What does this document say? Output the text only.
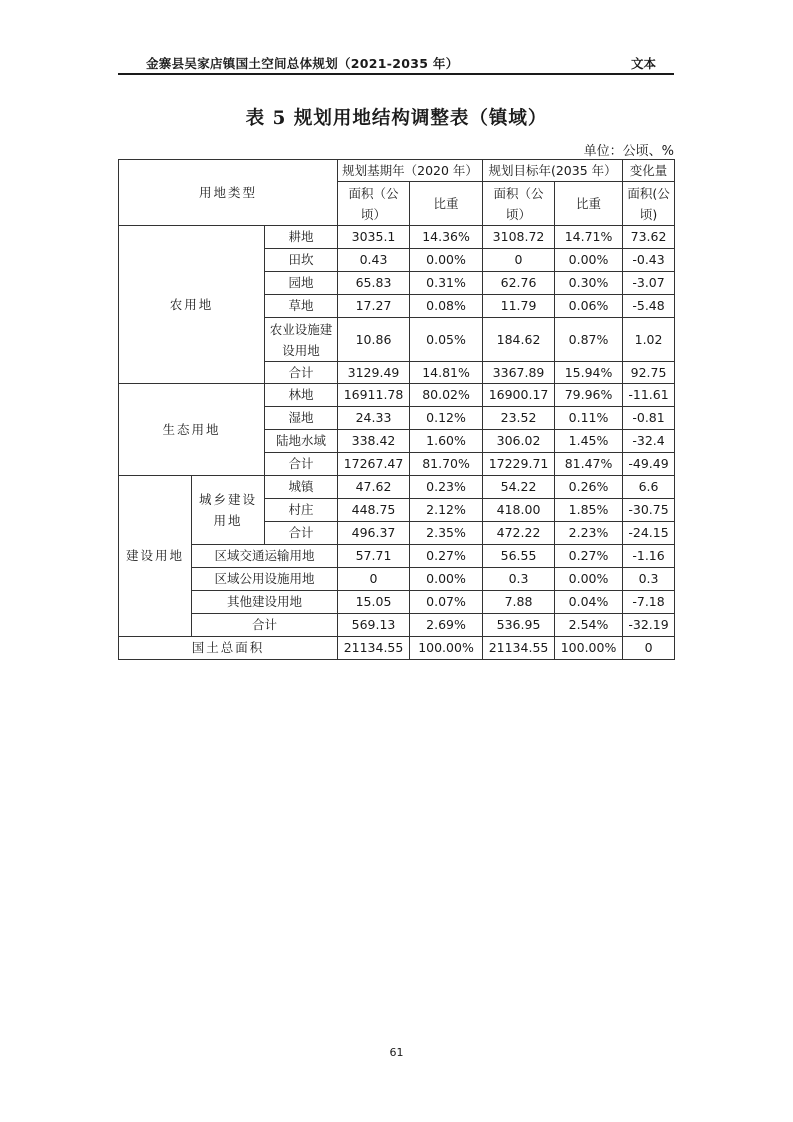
金寨县吴家店镇国土空间总体规划（2021-2035 年）	文本
表 5 规划用地结构调整表（镇域）
单位：公顷、%
用地类型			规划基期年（2020 年）		规划目标年(2035 年）		变化量
			面积（公顷）	比重	面积（公顷）	比重	面积(公顷)
农用地		耕地	3035.1	14.36%	3108.72	14.71%	73.62
		田坎	0.43	0.00%	0	0.00%	-0.43
		园地	65.83	0.31%	62.76	0.30%	-3.07
		草地	17.27	0.08%	11.79	0.06%	-5.48
		农业设施建设用地	10.86	0.05%	184.62	0.87%	1.02
		合计	3129.49	14.81%	3367.89	15.94%	92.75
生态用地		林地	16911.78	80.02%	16900.17	79.96%	-11.61
		湿地	24.33	0.12%	23.52	0.11%	-0.81
		陆地水域	338.42	1.60%	306.02	1.45%	-32.4
		合计	17267.47	81.70%	17229.71	81.47%	-49.49
建设用地	城乡建设用地	城镇	47.62	0.23%	54.22	0.26%	6.6
		村庄	448.75	2.12%	418.00	1.85%	-30.75
		合计	496.37	2.35%	472.22	2.23%	-24.15
	区域交通运输用地		57.71	0.27%	56.55	0.27%	-1.16
	区域公用设施用地		0	0.00%	0.3	0.00%	0.3
	其他建设用地		15.05	0.07%	7.88	0.04%	-7.18
	合计		569.13	2.69%	536.95	2.54%	-32.19
国土总面积			21134.55	100.00%	21134.55	100.00%	0
61
